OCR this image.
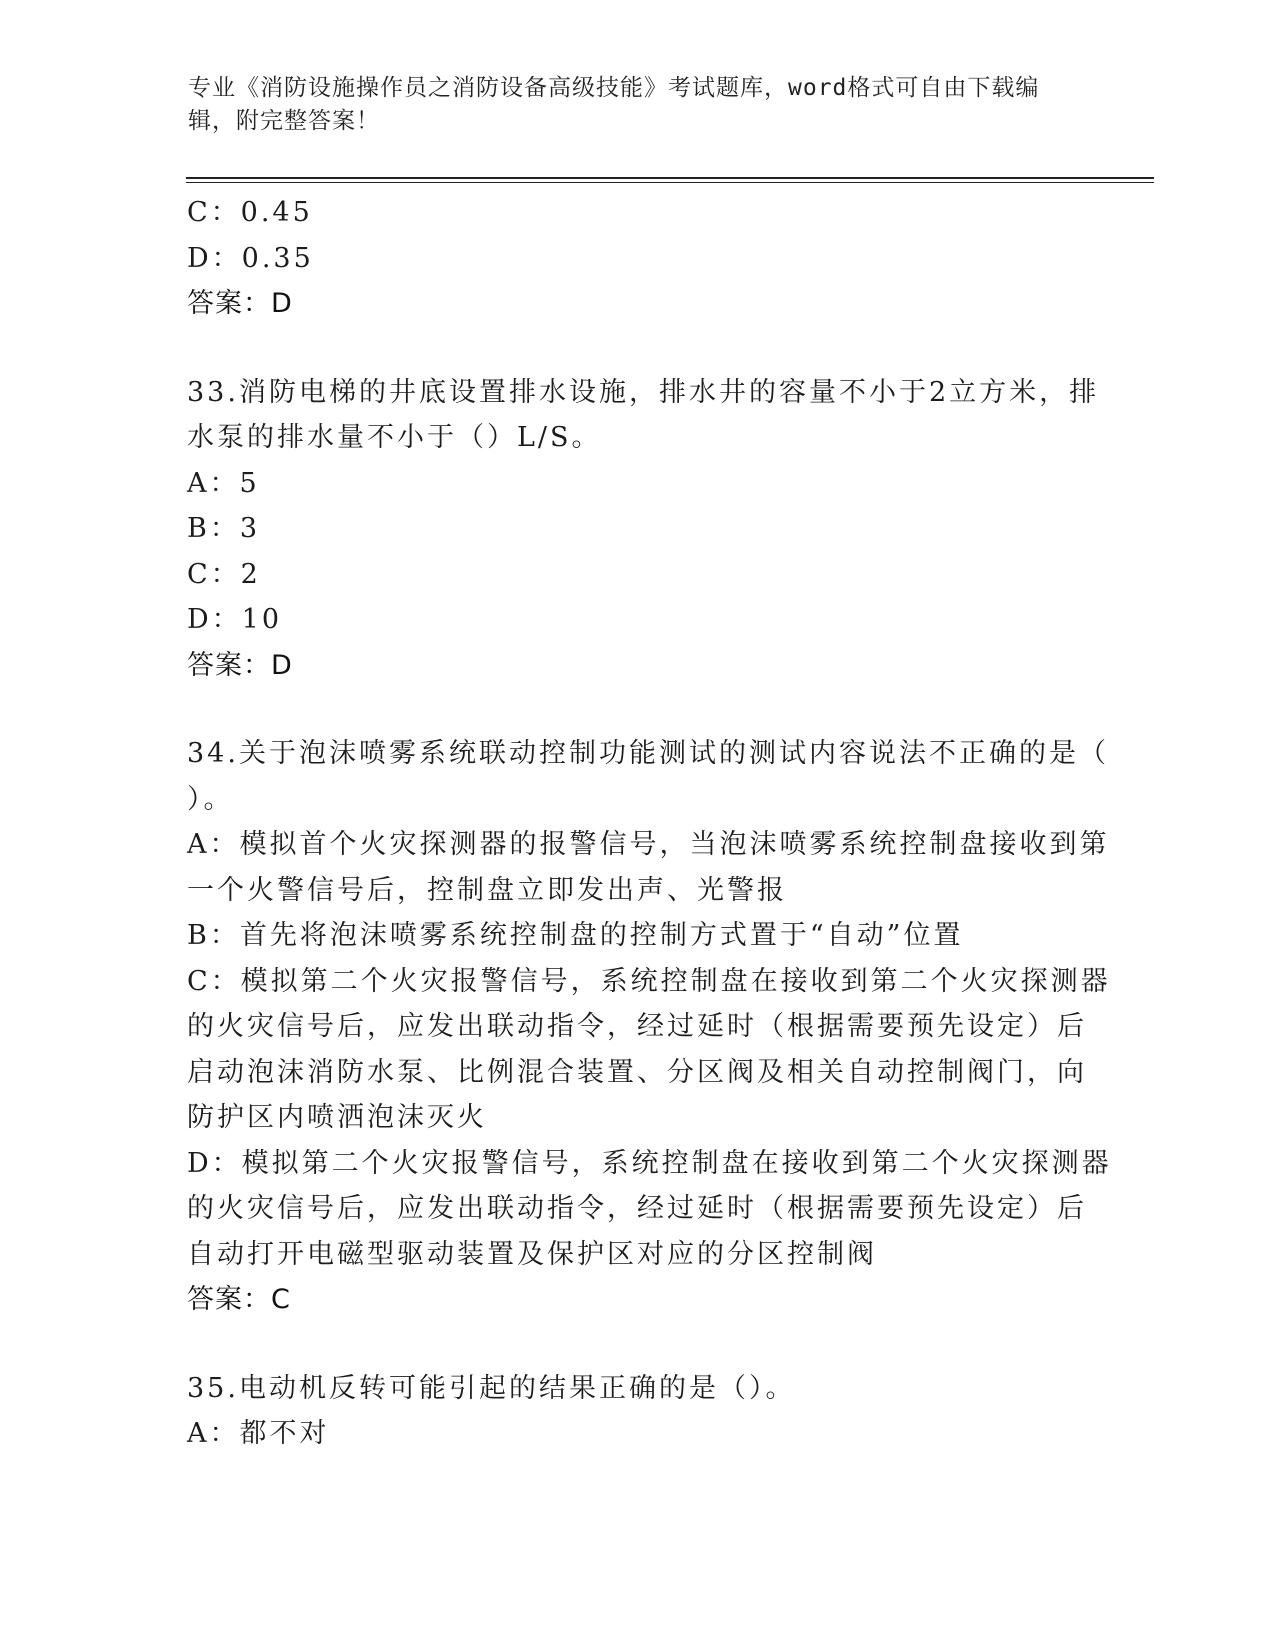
专业《消防设施操作员之消防设备高级技能》考试题库，word格式可自由下载编
辑，附完整答案！
C：0.45
D：0.35
答案：D
33.消防电梯的井底设置排水设施，排水井的容量不小于2立方米，排
水泵的排水量不小于（）L/S。
A：5
B：3
C：2
D：10
答案：D
34.关于泡沫喷雾系统联动控制功能测试的测试内容说法不正确的是（
）。
A：模拟首个火灾探测器的报警信号，当泡沫喷雾系统控制盘接收到第
一个火警信号后，控制盘立即发出声、光警报
B：首先将泡沫喷雾系统控制盘的控制方式置于“自动”位置
C：模拟第二个火灾报警信号，系统控制盘在接收到第二个火灾探测器
的火灾信号后，应发出联动指令，经过延时（根据需要预先设定）后
启动泡沫消防水泵、比例混合装置、分区阀及相关自动控制阀门，向
防护区内喷洒泡沫灭火
D：模拟第二个火灾报警信号，系统控制盘在接收到第二个火灾探测器
的火灾信号后，应发出联动指令，经过延时（根据需要预先设定）后
自动打开电磁型驱动装置及保护区对应的分区控制阀
答案：C
35.电动机反转可能引起的结果正确的是（）。
A：都不对
